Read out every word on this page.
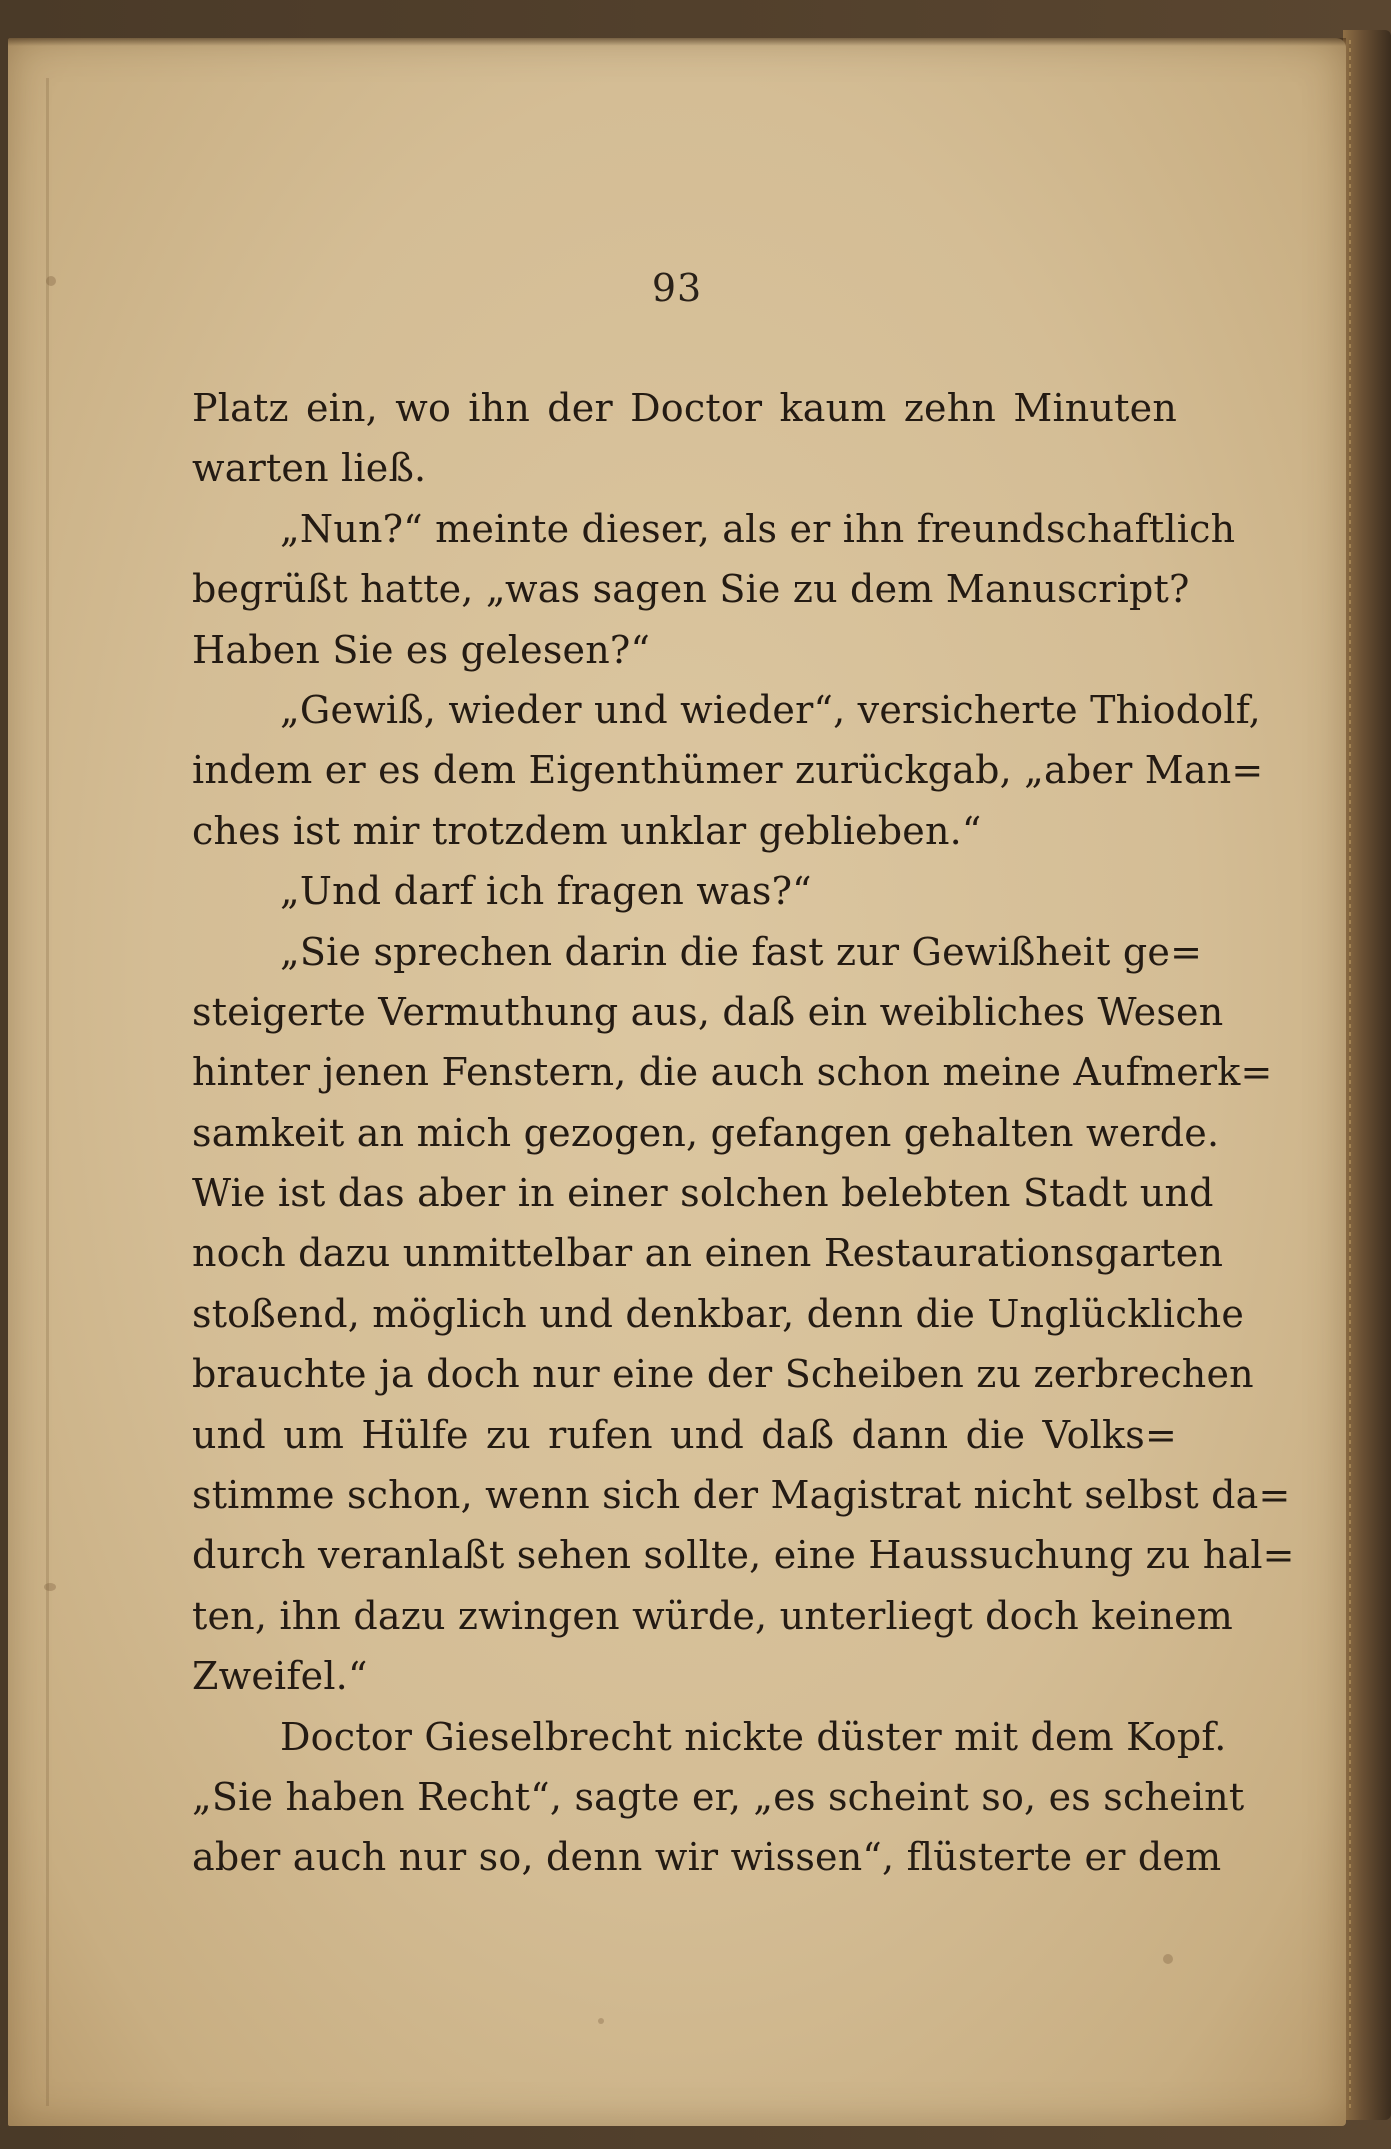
93
Platz ein, wo ihn der Doctor kaum zehn Minuten
warten ließ.
„Nun?“ meinte dieser, als er ihn freundschaftlich
begrüßt hatte, „was sagen Sie zu dem Manuscript?
Haben Sie es gelesen?“
„Gewiß, wieder und wieder“, versicherte Thiodolf,
indem er es dem Eigenthümer zurückgab, „aber Man=
ches ist mir trotzdem unklar geblieben.“
„Und darf ich fragen was?“
„Sie sprechen darin die fast zur Gewißheit ge=
steigerte Vermuthung aus, daß ein weibliches Wesen
hinter jenen Fenstern, die auch schon meine Aufmerk=
samkeit an mich gezogen, gefangen gehalten werde.
Wie ist das aber in einer solchen belebten Stadt und
noch dazu unmittelbar an einen Restaurationsgarten
stoßend, möglich und denkbar, denn die Unglückliche
brauchte ja doch nur eine der Scheiben zu zerbrechen
und um Hülfe zu rufen und daß dann die Volks=
stimme schon, wenn sich der Magistrat nicht selbst da=
durch veranlaßt sehen sollte, eine Haussuchung zu hal=
ten, ihn dazu zwingen würde, unterliegt doch keinem
Zweifel.“
Doctor Gieselbrecht nickte düster mit dem Kopf.
„Sie haben Recht“, sagte er, „es scheint so, es scheint
aber auch nur so, denn wir wissen“, flüsterte er dem
